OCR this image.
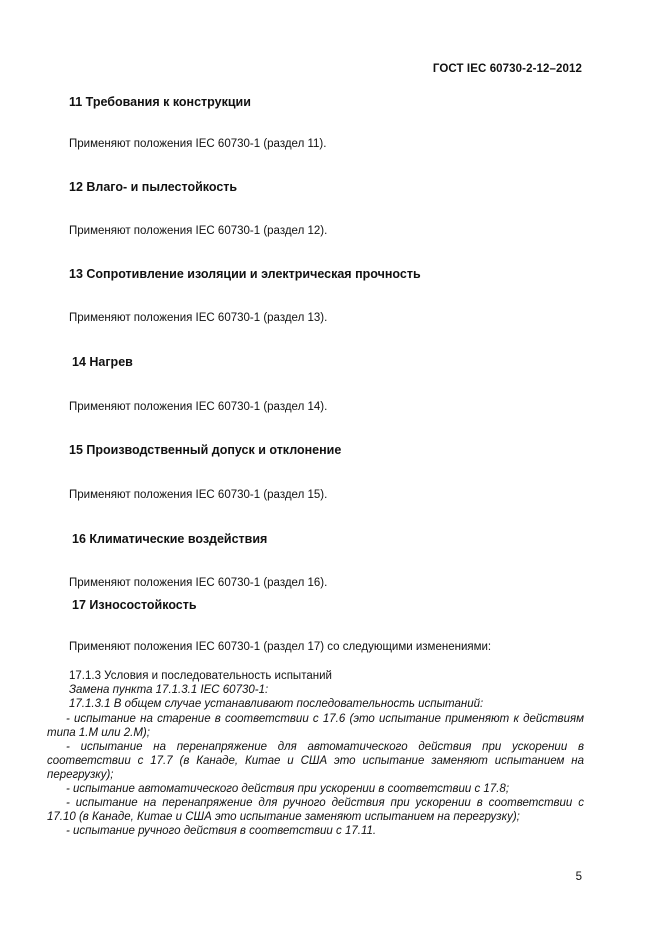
ГОСТ IEC 60730-2-12–2012
11 Требования к конструкции
Применяют положения IEC 60730-1 (раздел 11).
12 Влаго- и пылестойкость
Применяют положения IEC 60730-1 (раздел 12).
13 Сопротивление изоляции и электрическая прочность
Применяют положения IEC 60730-1 (раздел 13).
14 Нагрев
Применяют положения IEC 60730-1 (раздел 14).
15 Производственный допуск и отклонение
Применяют положения IEC 60730-1 (раздел 15).
16 Климатические воздействия
Применяют положения IEC 60730-1 (раздел 16).
17 Износостойкость
Применяют положения IEC 60730-1 (раздел 17) со следующими изменениями:
17.1.3 Условия и последовательность испытаний
Замена пункта 17.1.3.1 IEC 60730-1:
17.1.3.1 В общем случае устанавливают последовательность испытаний:
- испытание на старение в соответствии с 17.6 (это испытание применяют к действиям типа 1.М или 2.М);
- испытание на перенапряжение для автоматического действия при ускорении в соответствии с 17.7 (в Канаде, Китае и США это испытание заменяют испытанием на перегрузку);
- испытание автоматического действия при ускорении в соответствии с 17.8;
- испытание на перенапряжение для ручного действия при ускорении в соответствии с 17.10 (в Канаде, Китае и США это испытание заменяют испытанием на перегрузку);
- испытание ручного действия в соответствии с 17.11.
5
